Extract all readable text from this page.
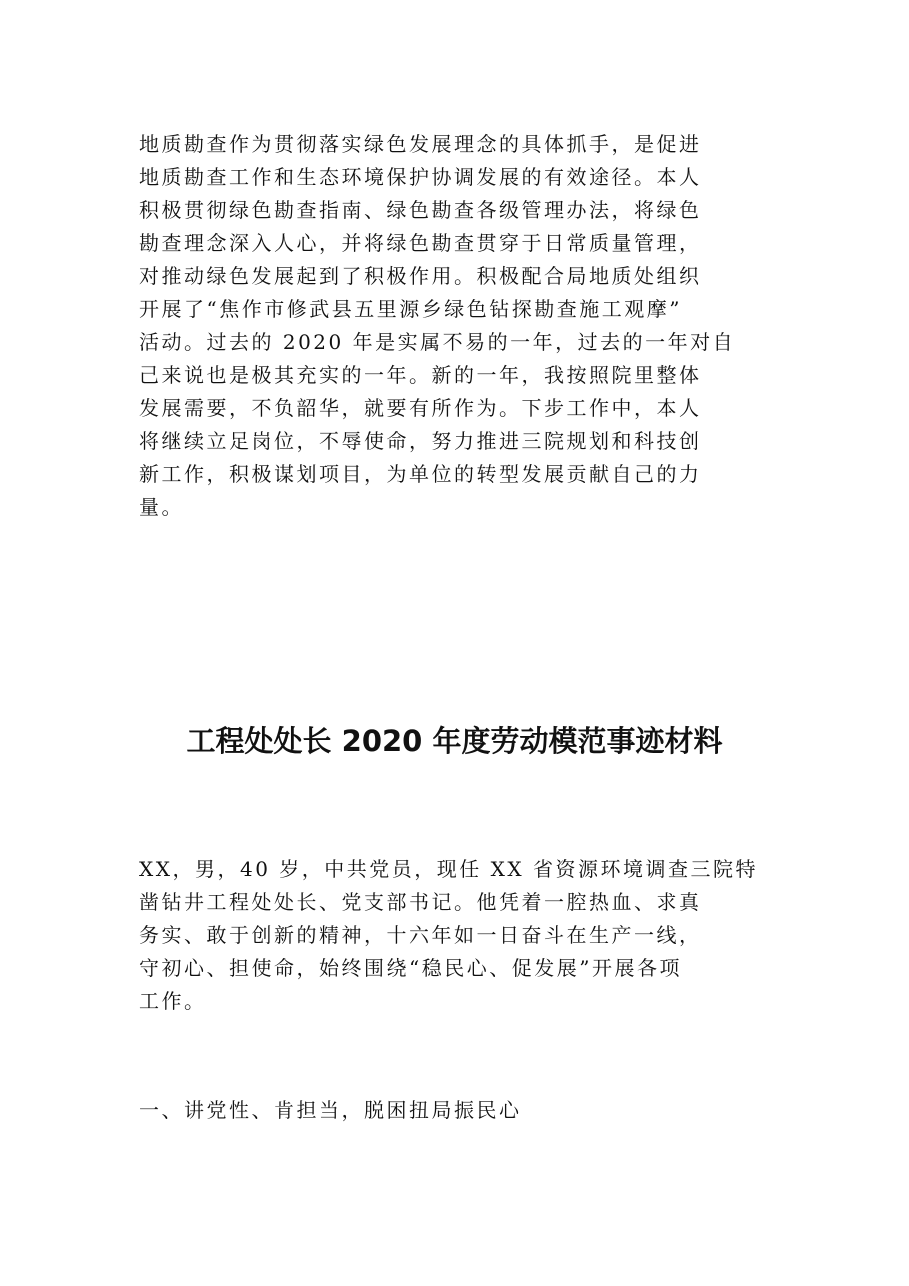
地质勘查作为贯彻落实绿色发展理念的具体抓手，是促进
地质勘查工作和生态环境保护协调发展的有效途径。本人
积极贯彻绿色勘查指南、绿色勘查各级管理办法，将绿色
勘查理念深入人心，并将绿色勘查贯穿于日常质量管理，
对推动绿色发展起到了积极作用。积极配合局地质处组织
开展了“焦作市修武县五里源乡绿色钻探勘查施工观摩”
活动。过去的 2020 年是实属不易的一年，过去的一年对自
己来说也是极其充实的一年。新的一年，我按照院里整体
发展需要，不负韶华，就要有所作为。下步工作中，本人
将继续立足岗位，不辱使命，努力推进三院规划和科技创
新工作，积极谋划项目，为单位的转型发展贡献自己的力
量。

工程处处长 2020 年度劳动模范事迹材料

XX，男，40 岁，中共党员，现任 XX 省资源环境调查三院特
凿钻井工程处处长、党支部书记。他凭着一腔热血、求真
务实、敢于创新的精神，十六年如一日奋斗在生产一线，
守初心、担使命，始终围绕“稳民心、促发展”开展各项
工作。

一、讲党性、肯担当，脱困扭局振民心
